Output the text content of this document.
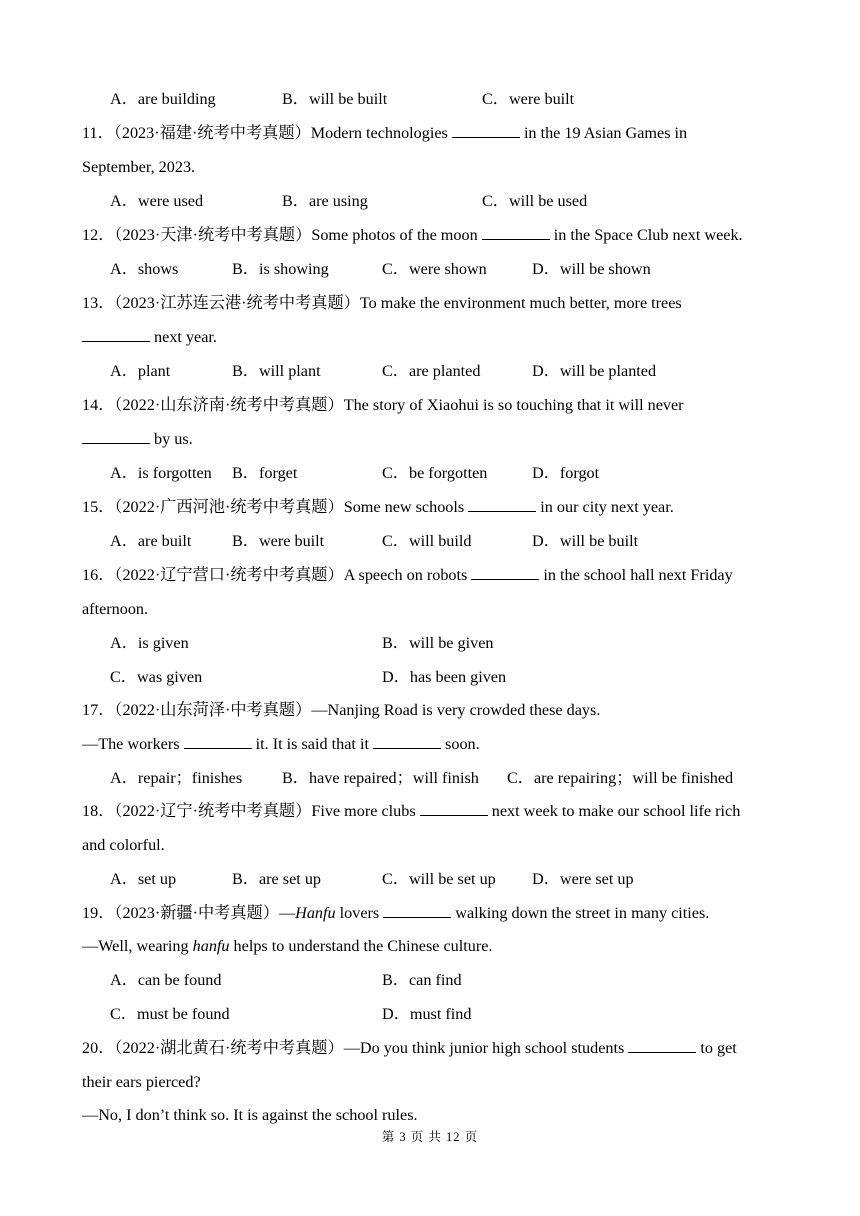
A．are building	B．will be built	C．were built
11．（2023·福建·统考中考真题）Modern technologies	in the 19 Asian Games in
September, 2023.
A．were used	B．are using	C．will be used
12．（2023·天津·统考中考真题）Some photos of the moon	in the Space Club next week.
A．shows	B．is showing	C．were shown	D．will be shown
13．（2023·江苏连云港·统考中考真题）To make the environment much better, more trees
next year.
A．plant	B．will plant	C．are planted	D．will be planted
14．（2022·山东济南·统考中考真题）The story of Xiaohui is so touching that it will never
by us.
A．is forgotten B．forget	C．be forgotten	D．forgot
15．（2022·广西河池·统考中考真题）Some new schools	in our city next year.
A．are built	B．were built	C．will build	D．will be built
16．（2022·辽宁营口·统考中考真题）A speech on robots	in the school hall next Friday
afternoon.
A．is given	B．will be given
C．was given	D．has been given
17．（2022·山东菏泽·中考真题）—Nanjing Road is very crowded these days.
—The workers	it. It is said that it	soon.
A．repair；finishes B．have repaired；will finish C．are repairing；will be finished
18．（2022·辽宁·统考中考真题）Five more clubs	next week to make our school life rich
and colorful.
A．set up	B．are set up	C．will be set up D．were set up
19．（2023·新疆·中考真题）—Hanfu lovers	walking down the street in many cities.
—Well, wearing hanfu helps to understand the Chinese culture.
A．can be found	B．can find
C．must be found	D．must find
20．（2022·湖北黄石·统考中考真题）—Do you think junior high school students	to get
their ears pierced?
—No, I don’t think so. It is against the school rules.
第 3 页 共 12 页
